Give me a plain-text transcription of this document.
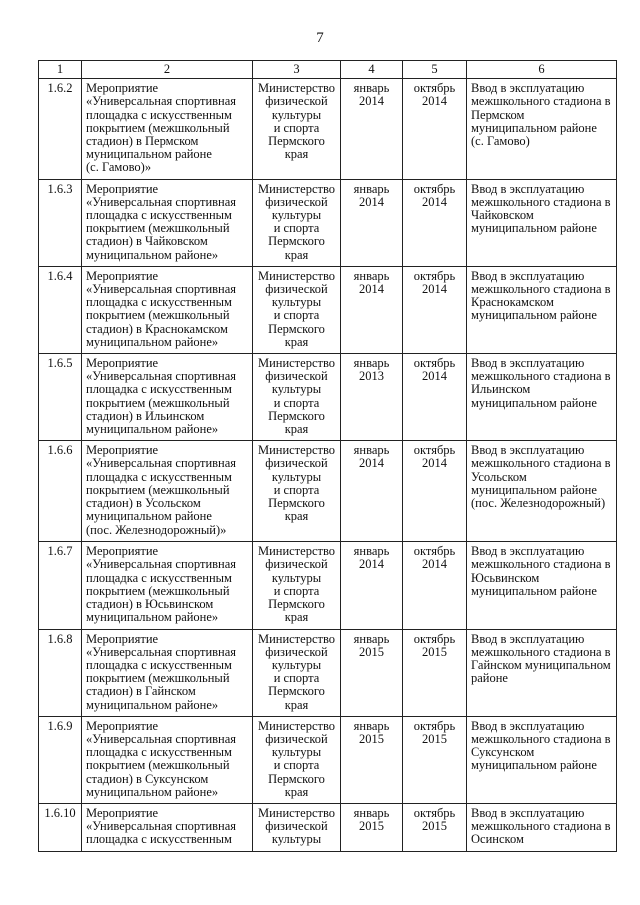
7
1	2	3	4	5	6

1.6.2	Мероприятие
«Универсальная спортивная площадка с искусственным покрытием (межшкольный стадион) в Пермском муниципальном районе
(с. Гамово)»	Министерство физической культуры
и спорта Пермского края	январь
2014	октябрь
2014	Ввод в эксплуатацию межшкольного стадиона в Пермском муниципальном районе
(с. Гамово)

1.6.3	Мероприятие
«Универсальная спортивная площадка с искусственным покрытием (межшкольный стадион) в Чайковском муниципальном районе»	Министерство физической культуры
и спорта Пермского края	январь
2014	октябрь
2014	Ввод в эксплуатацию межшкольного стадиона в Чайковском муниципальном районе

1.6.4	Мероприятие
«Универсальная спортивная площадка с искусственным покрытием (межшкольный стадион) в Краснокамском муниципальном районе»	Министерство физической культуры
и спорта Пермского края	январь
2014	октябрь
2014	Ввод в эксплуатацию межшкольного стадиона в Краснокамском муниципальном районе

1.6.5	Мероприятие
«Универсальная спортивная площадка с искусственным покрытием (межшкольный стадион) в Ильинском муниципальном районе»	Министерство физической культуры
и спорта Пермского края	январь
2013	октябрь
2014	Ввод в эксплуатацию межшкольного стадиона в Ильинском муниципальном районе

1.6.6	Мероприятие
«Универсальная спортивная площадка с искусственным покрытием (межшкольный стадион) в Усольском муниципальном районе
(пос. Железнодорожный)»	Министерство физической культуры
и спорта Пермского края	январь
2014	октябрь
2014	Ввод в эксплуатацию межшкольного стадиона в Усольском муниципальном районе
(пос. Железнодорожный)

1.6.7	Мероприятие
«Универсальная спортивная площадка с искусственным покрытием (межшкольный стадион) в Юсьвинском муниципальном районе»	Министерство физической культуры
и спорта Пермского края	январь
2014	октябрь
2014	Ввод в эксплуатацию межшкольного стадиона в Юсьвинском муниципальном районе

1.6.8	Мероприятие
«Универсальная спортивная площадка с искусственным покрытием (межшкольный стадион) в Гайнском муниципальном районе»	Министерство физической культуры
и спорта Пермского края	январь
2015	октябрь
2015	Ввод в эксплуатацию межшкольного стадиона в Гайнском муниципальном районе

1.6.9	Мероприятие
«Универсальная спортивная площадка с искусственным покрытием (межшкольный стадион) в Суксунском муниципальном районе»	Министерство физической культуры
и спорта Пермского края	январь
2015	октябрь
2015	Ввод в эксплуатацию межшкольного стадиона в Суксунском муниципальном районе

1.6.10	Мероприятие
«Универсальная спортивная площадка с искусственным	Министерство физической культуры	январь
2015	октябрь
2015	Ввод в эксплуатацию межшкольного стадиона в Осинском
